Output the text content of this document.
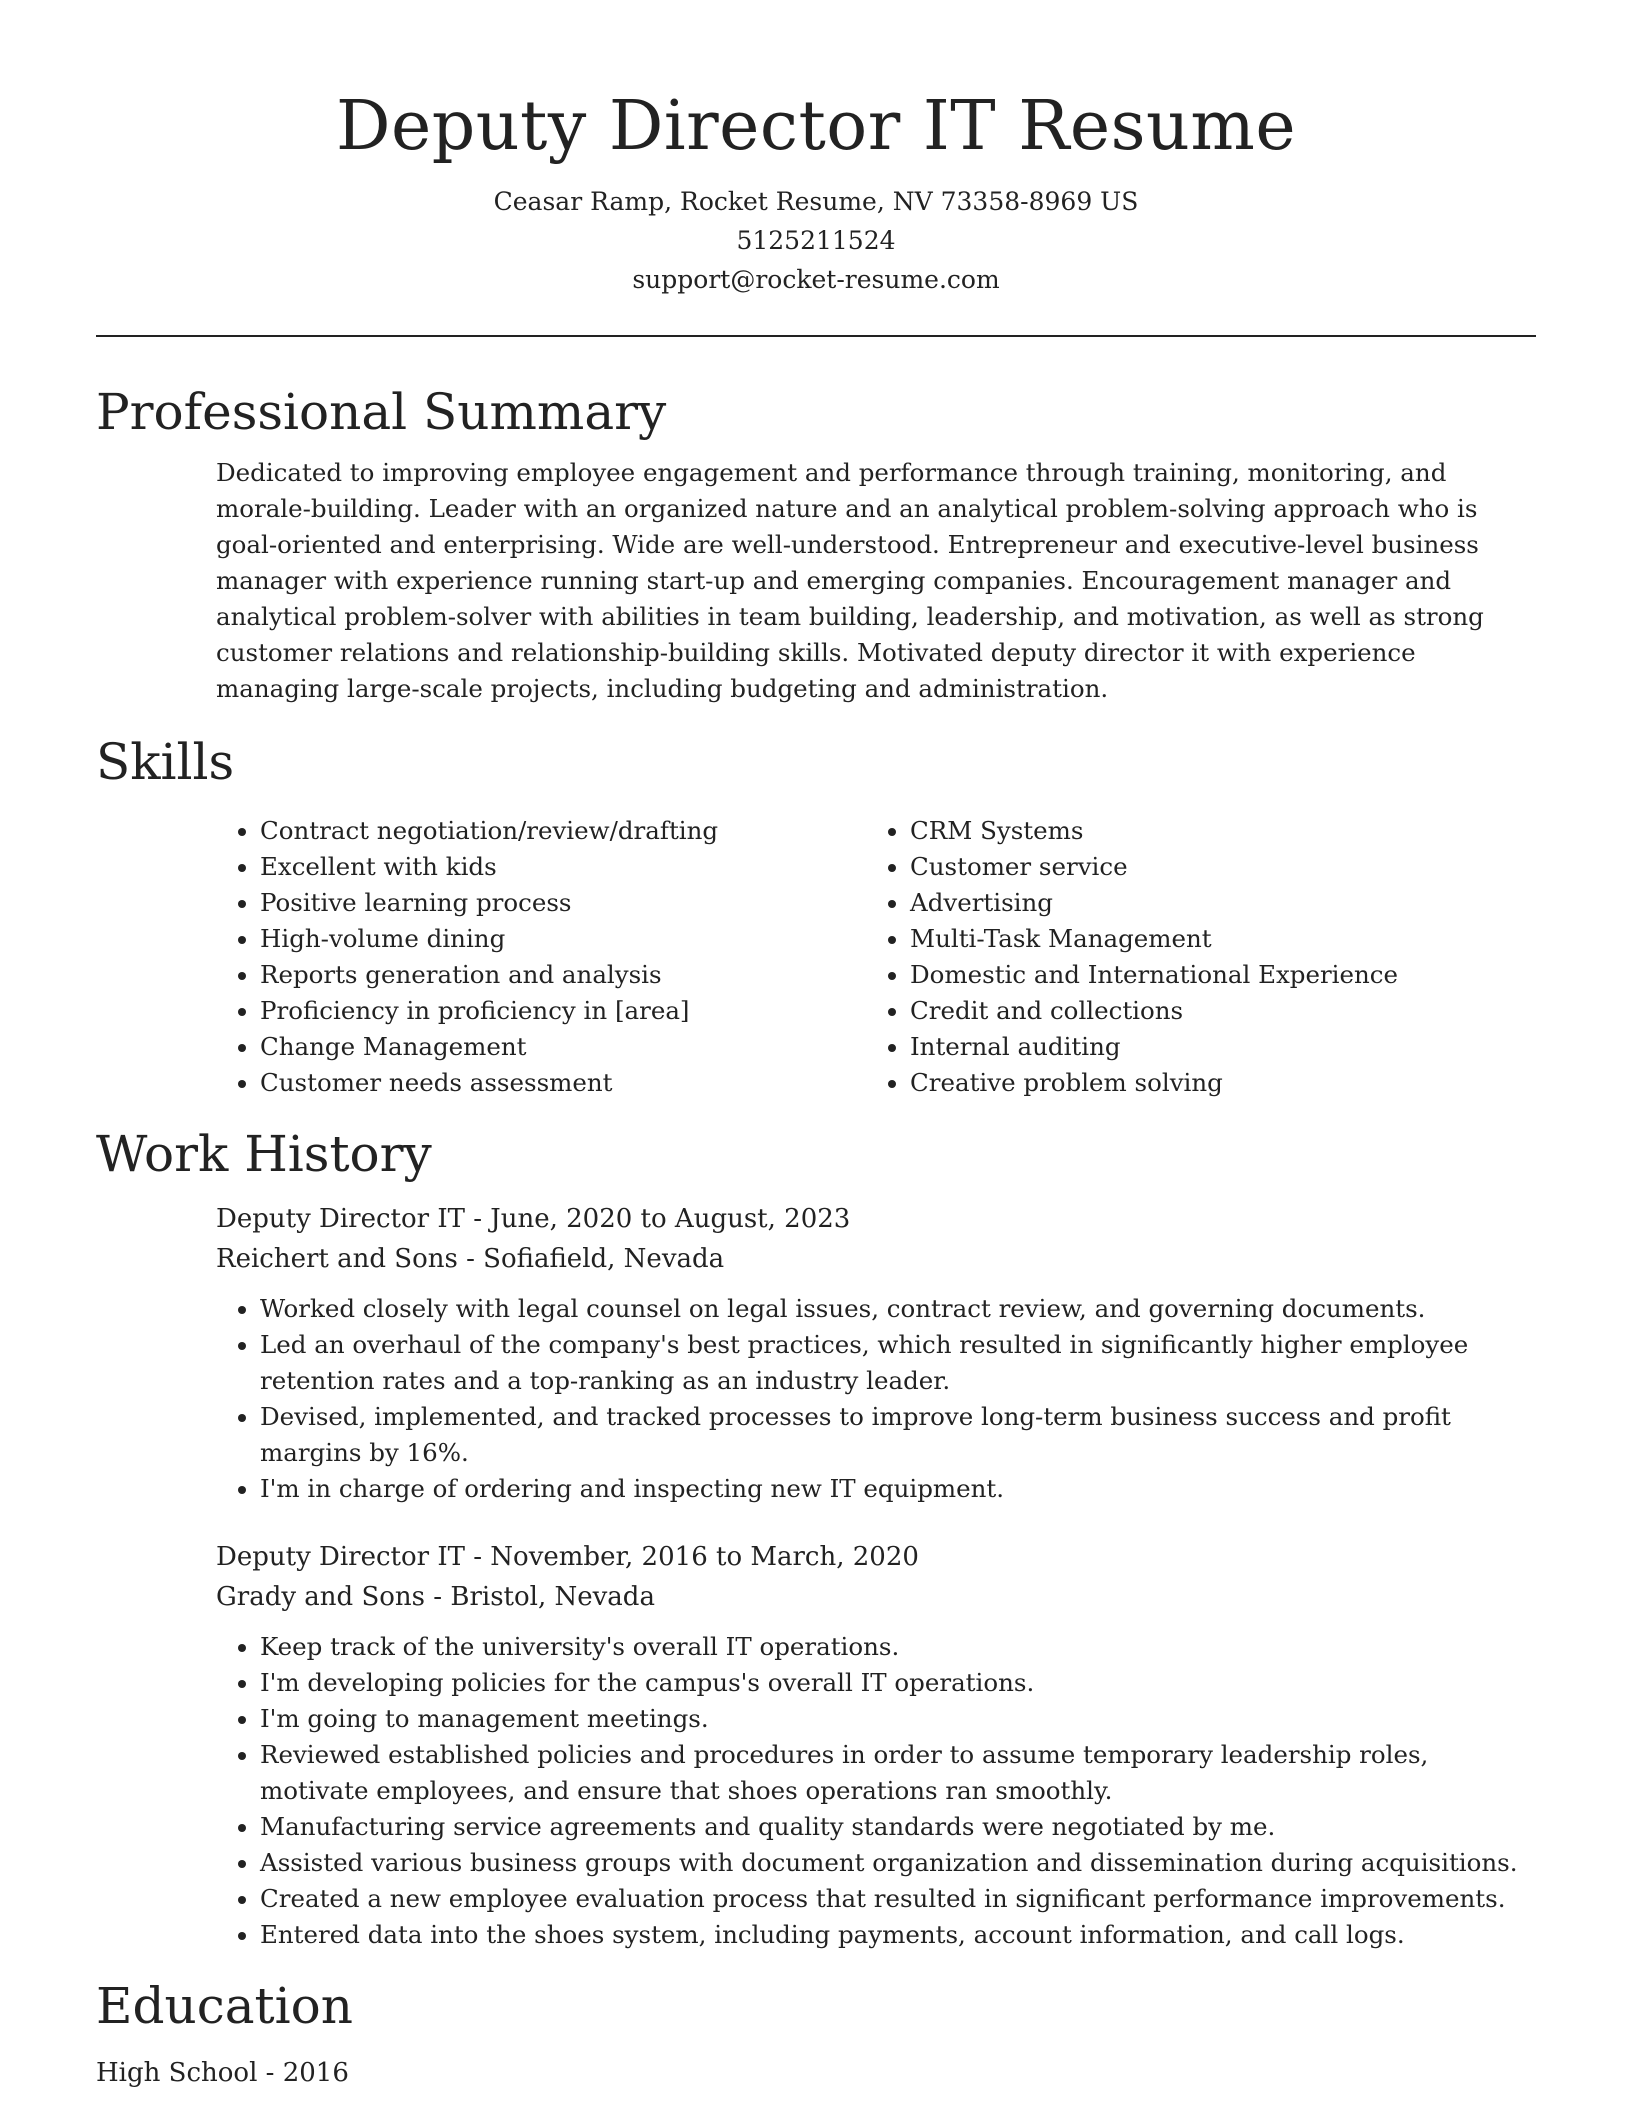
Deputy Director IT Resume
Ceasar Ramp, Rocket Resume, NV 73358-8969 US
5125211524
support@rocket-resume.com
Professional Summary

Dedicated to improving employee engagement and performance through training, monitoring, and morale-building. Leader with an organized nature and an analytical problem-solving approach who is goal-oriented and enterprising. Wide are well-understood. Entrepreneur and executive-level business manager with experience running start-up and emerging companies. Encouragement manager and analytical problem-solver with abilities in team building, leadership, and motivation, as well as strong customer relations and relationship-building skills. Motivated deputy director it with experience managing large-scale projects, including budgeting and administration.

Skills
• Contract negotiation/review/drafting
• Excellent with kids
• Positive learning process
• High-volume dining
• Reports generation and analysis
• Proficiency in proficiency in [area]
• Change Management
• Customer needs assessment
• CRM Systems
• Customer service
• Advertising
• Multi-Task Management
• Domestic and International Experience
• Credit and collections
• Internal auditing
• Creative problem solving
Work History

Deputy Director IT - June, 2020 to August, 2023

Reichert and Sons - Sofiafield, Nevada

• Worked closely with legal counsel on legal issues, contract review, and governing documents.
• Led an overhaul of the company's best practices, which resulted in significantly higher employee retention rates and a top-ranking as an industry leader.
• Devised, implemented, and tracked processes to improve long-term business success and profit margins by 16%.
• I'm in charge of ordering and inspecting new IT equipment.

Deputy Director IT - November, 2016 to March, 2020

Grady and Sons - Bristol, Nevada

• Keep track of the university's overall IT operations.
• I'm developing policies for the campus's overall IT operations.
• I'm going to management meetings.
• Reviewed established policies and procedures in order to assume temporary leadership roles, motivate employees, and ensure that shoes operations ran smoothly.
• Manufacturing service agreements and quality standards were negotiated by me.
• Assisted various business groups with document organization and dissemination during acquisitions.
• Created a new employee evaluation process that resulted in significant performance improvements.
• Entered data into the shoes system, including payments, account information, and call logs.
Education

High School - 2016
